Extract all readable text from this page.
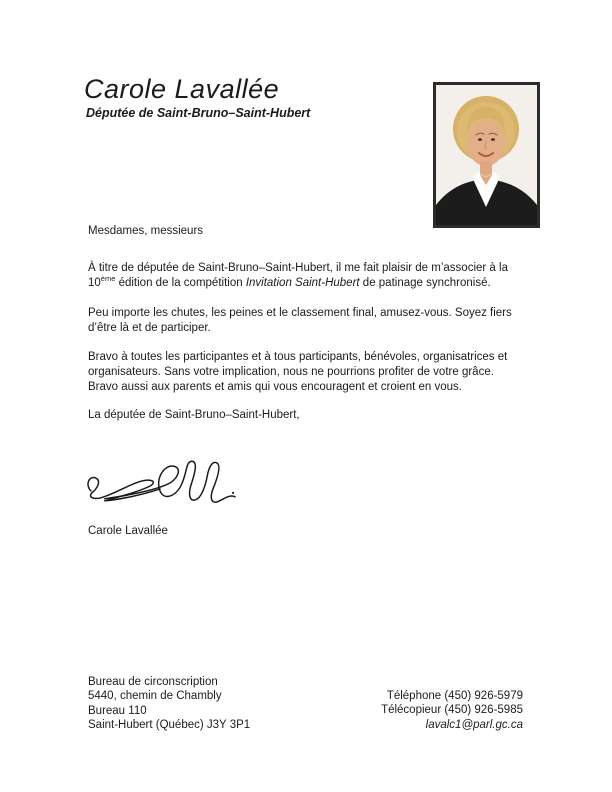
Carole Lavallée
Députée de Saint-Bruno–Saint-Hubert
Mesdames, messieurs
À titre de députée de Saint-Bruno–Saint-Hubert, il me fait plaisir de m’associer à la
10ème édition de la compétition Invitation Saint-Hubert de patinage synchronisé.
Peu importe les chutes, les peines et le classement final, amusez-vous. Soyez fiers
d’être là et de participer.
Bravo à toutes les participantes et à tous participants, bénévoles, organisatrices et
organisateurs. Sans votre implication, nous ne pourrions profiter de votre grâce.
Bravo aussi aux parents et amis qui vous encouragent et croient en vous.
La députée de Saint-Bruno–Saint-Hubert,
Carole Lavallée
Bureau de circonscription
5440, chemin de Chambly
Bureau 110
Saint-Hubert (Québec) J3Y 3P1
Téléphone (450) 926-5979
Télécopieur (450) 926-5985
lavalc1@parl.gc.ca
